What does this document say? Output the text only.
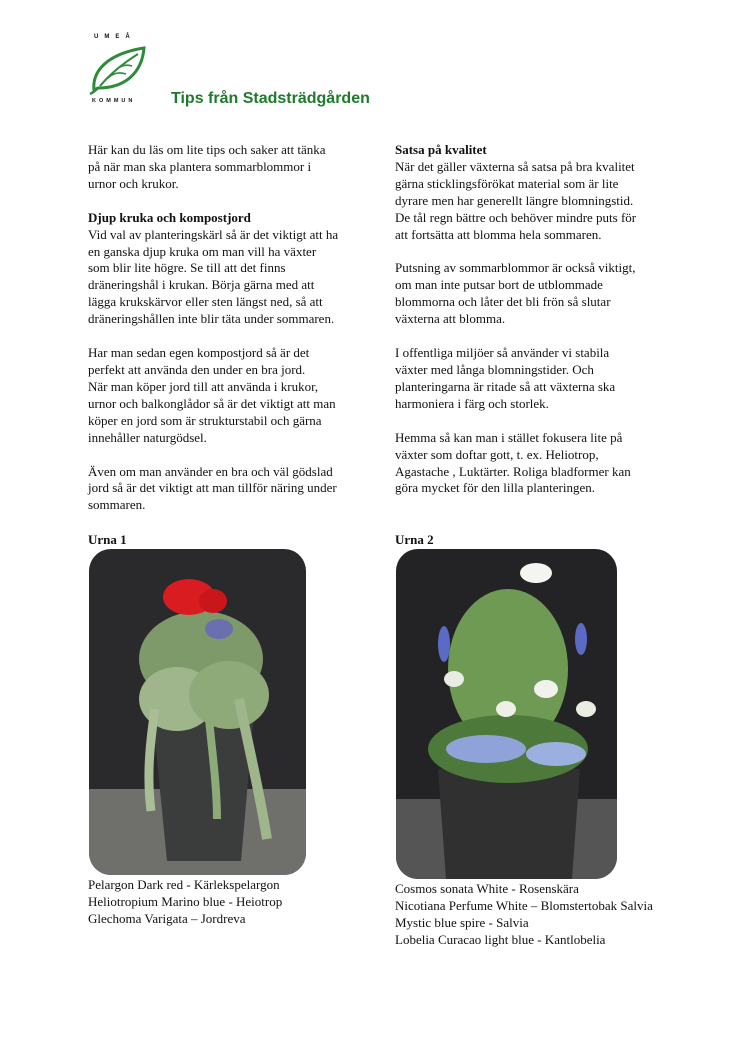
UMEÅ
KOMMUN Tips från Stadsträdgården

Här kan du läs om lite tips och saker att tänka
på när man ska plantera sommarblommor i
urnor och krukor.

Djup kruka och kompostjord

Vid val av planteringskärl så är det viktigt att ha
en ganska djup kruka om man vill ha växter
som blir lite högre. Se till att det finns
dräneringshål i krukan. Börja gärna med att
lägga krukskärvor eller sten längst ned, så att
dräneringshållen inte blir täta under sommaren.

Har man sedan egen kompostjord så är det
perfekt att använda den under en bra jord.
När man köper jord till att använda i krukor,
urnor och balkonglådor så är det viktigt att man
köper en jord som är strukturstabil och gärna
innehåller naturgödsel.

Även om man använder en bra och väl gödslad
jord så är det viktigt att man tillför näring under
sommaren.

Satsa på kvalitet

När det gäller växterna så satsa på bra kvalitet
gärna sticklingsförökat material som är lite
dyrare men har generellt längre blomningstid.
De tål regn bättre och behöver mindre puts för
att fortsätta att blomma hela sommaren.

Putsning av sommarblommor är också viktigt,
om man inte putsar bort de utblommade
blommorna och låter det bli frön så slutar
växterna att blomma.

I offentliga miljöer så använder vi stabila
växter med långa blomningstider. Och
planteringarna är ritade så att växterna ska
harmoniera i färg och storlek.

Hemma så kan man i stället fokusera lite på
växter som doftar gott, t. ex. Heliotrop,
Agastache , Luktärter. Roliga bladformer kan
göra mycket för den lilla planteringen.

Urna 1
Pelargon Dark red - Kärlekspelargon
Heliotropium Marino blue - Heiotrop
Glechoma Varigata – Jordreva
Urna 2
Cosmos sonata White - Rosenskära
Nicotiana Perfume White – Blomstertobak Salvia
Mystic blue spire - Salvia
Lobelia Curacao light blue - Kantlobelia
